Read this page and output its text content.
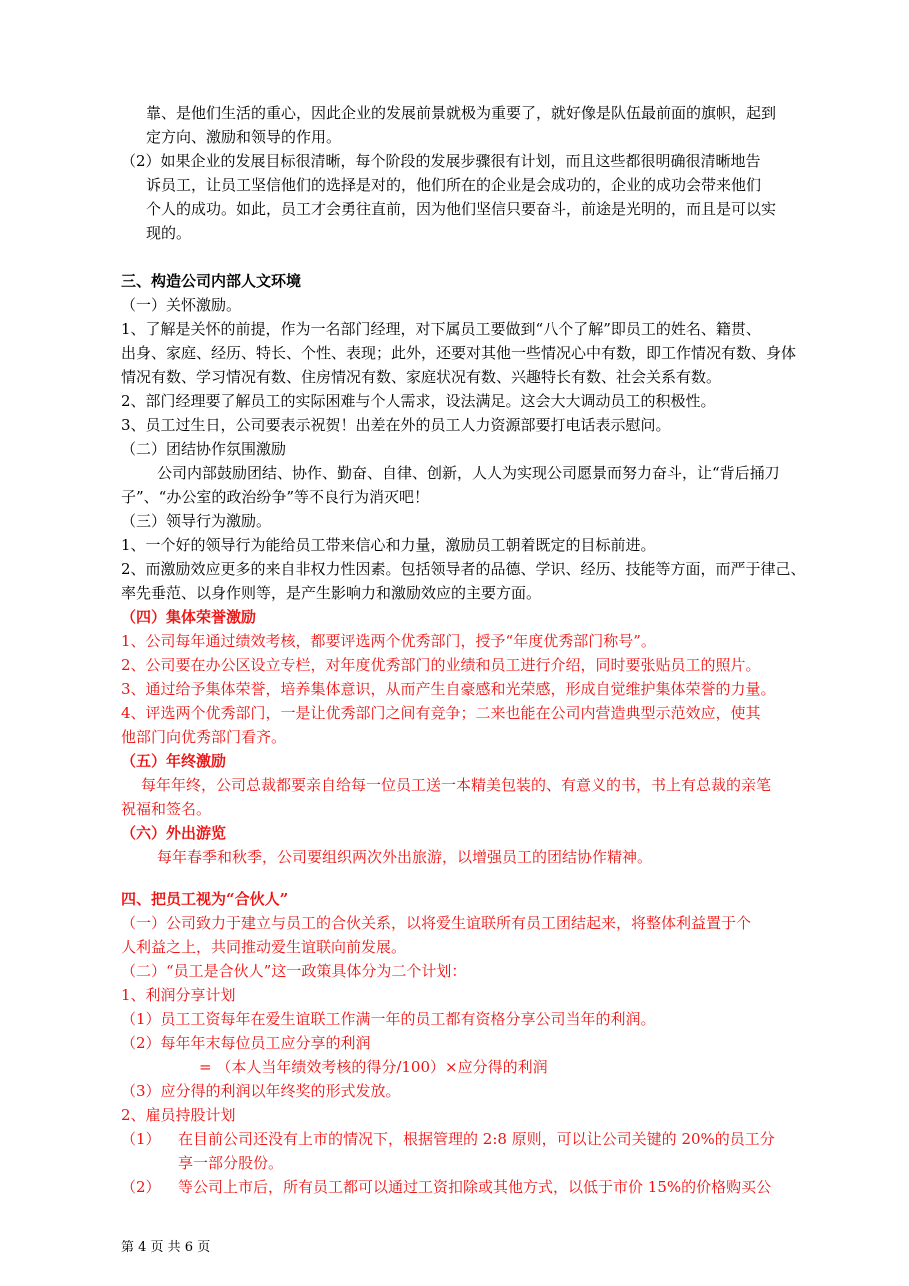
靠、是他们生活的重心，因此企业的发展前景就极为重要了，就好像是队伍最前面的旗帜，起到
定方向、激励和领导的作用。
（2）如果企业的发展目标很清晰，每个阶段的发展步骤很有计划，而且这些都很明确很清晰地告
诉员工，让员工坚信他们的选择是对的，他们所在的企业是会成功的，企业的成功会带来他们
个人的成功。如此，员工才会勇往直前，因为他们坚信只要奋斗，前途是光明的，而且是可以实
现的。
三、构造公司内部人文环境
（一）关怀激励。
1、了解是关怀的前提，作为一名部门经理，对下属员工要做到“八个了解”即员工的姓名、籍贯、
出身、家庭、经历、特长、个性、表现；此外，还要对其他一些情况心中有数，即工作情况有数、身体
情况有数、学习情况有数、住房情况有数、家庭状况有数、兴趣特长有数、社会关系有数。
2、部门经理要了解员工的实际困难与个人需求，设法满足。这会大大调动员工的积极性。
3、员工过生日，公司要表示祝贺！出差在外的员工人力资源部要打电话表示慰问。
（二）团结协作氛围激励
公司内部鼓励团结、协作、勤奋、自律、创新，人人为实现公司愿景而努力奋斗，让“背后捅刀
子”、“办公室的政治纷争”等不良行为消灭吧！
（三）领导行为激励。
1、一个好的领导行为能给员工带来信心和力量，激励员工朝着既定的目标前进。
2、而激励效应更多的来自非权力性因素。包括领导者的品德、学识、经历、技能等方面，而严于律己、
率先垂范、以身作则等，是产生影响力和激励效应的主要方面。
（四）集体荣誉激励
1、公司每年通过绩效考核，都要评选两个优秀部门，授予“年度优秀部门称号”。
2、公司要在办公区设立专栏，对年度优秀部门的业绩和员工进行介绍，同时要张贴员工的照片。
3、通过给予集体荣誉，培养集体意识，从而产生自豪感和光荣感，形成自觉维护集体荣誉的力量。
4、评选两个优秀部门，一是让优秀部门之间有竞争；二来也能在公司内营造典型示范效应，使其
他部门向优秀部门看齐。
（五）年终激励
每年年终，公司总裁都要亲自给每一位员工送一本精美包装的、有意义的书，书上有总裁的亲笔
祝福和签名。
（六）外出游览
每年春季和秋季，公司要组织两次外出旅游，以增强员工的团结协作精神。
四、把员工视为“合伙人”
（一）公司致力于建立与员工的合伙关系，以将爱生谊联所有员工团结起来，将整体利益置于个
人利益之上，共同推动爱生谊联向前发展。
（二）“员工是合伙人”这一政策具体分为二个计划：
1、利润分享计划
（1）员工工资每年在爱生谊联工作满一年的员工都有资格分享公司当年的利润。
（2）每年年末每位员工应分享的利润
= （本人当年绩效考核的得分/100）×应分得的利润
（3）应分得的利润以年终奖的形式发放。
2、雇员持股计划
（1） 在目前公司还没有上市的情况下，根据管理的 2:8 原则，可以让公司关键的 20%的员工分
享一部分股份。
（2） 等公司上市后，所有员工都可以通过工资扣除或其他方式，以低于市价 15%的价格购买公
第 4 页 共 6 页
